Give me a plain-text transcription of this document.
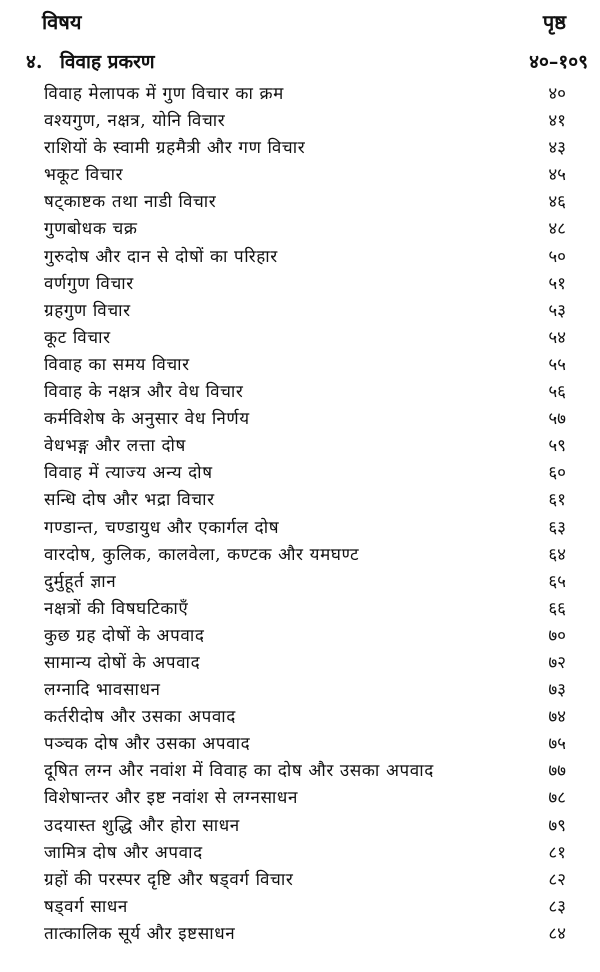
विषय	पृष्ठ
४. विवाह प्रकरण	४०–१०९
विवाह मेलापक में गुण विचार का क्रम	४०
वश्यगुण, नक्षत्र, योनि विचार	४१
राशियों के स्वामी ग्रहमैत्री और गण विचार	४३
भकूट विचार	४५
षट्काष्टक तथा नाडी विचार	४६
गुणबोधक चक्र	४८
गुरुदोष और दान से दोषों का परिहार	५०
वर्णगुण विचार	५१
ग्रहगुण विचार	५३
कूट विचार	५४
विवाह का समय विचार	५५
विवाह के नक्षत्र और वेध विचार	५६
कर्मविशेष के अनुसार वेध निर्णय	५७
वेधभङ्ग और लत्ता दोष	५९
विवाह में त्याज्य अन्य दोष	६०
सन्धि दोष और भद्रा विचार	६१
गण्डान्त, चण्डायुध और एकार्गल दोष	६३
वारदोष, कुलिक, कालवेला, कण्टक और यमघण्ट	६४
दुर्मुहूर्त ज्ञान	६५
नक्षत्रों की विषघटिकाएँ	६६
कुछ ग्रह दोषों के अपवाद	७०
सामान्य दोषों के अपवाद	७२
लग्नादि भावसाधन	७३
कर्तरीदोष और उसका अपवाद	७४
पञ्चक दोष और उसका अपवाद	७५
दूषित लग्न और नवांश में विवाह का दोष और उसका अपवाद	७७
विशेषान्तर और इष्ट नवांश से लग्नसाधन	७८
उदयास्त शुद्धि और होरा साधन	७९
जामित्र दोष और अपवाद	८१
ग्रहों की परस्पर दृष्टि और षड्वर्ग विचार	८२
षड्वर्ग साधन	८३
तात्कालिक सूर्य और इष्टसाधन	८४
